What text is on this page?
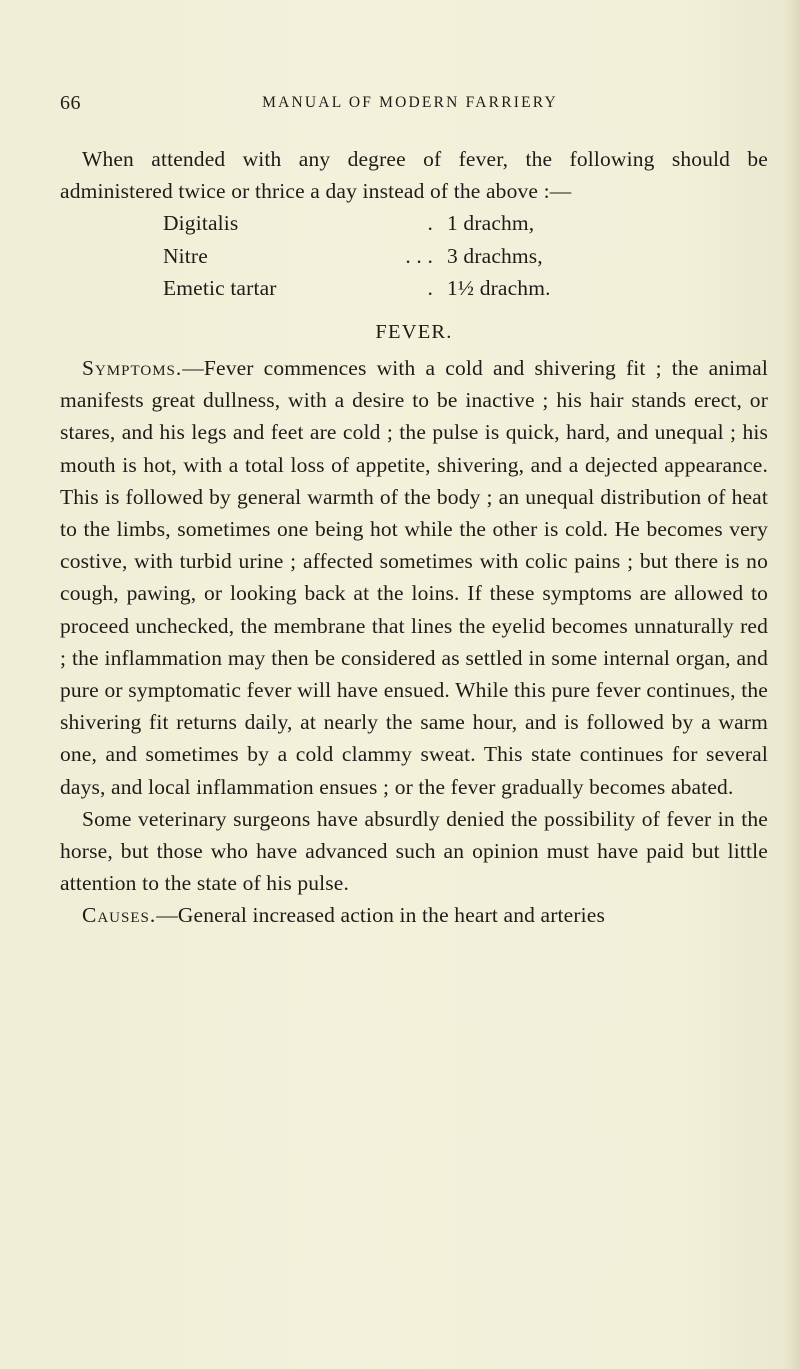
66	MANUAL OF MODERN FARRIERY

When attended with any degree of fever, the following should be administered twice or thrice a day instead of the above :—

Digitalis	.	1 drachm,
Nitre	. . .	3 drachms,
Emetic tartar	.	1½ drachm.
FEVER.

Symptoms.—Fever commences with a cold and shivering fit ; the animal manifests great dullness, with a desire to be inactive ; his hair stands erect, or stares, and his legs and feet are cold ; the pulse is quick, hard, and unequal ; his mouth is hot, with a total loss of appetite, shivering, and a dejected appearance. This is followed by general warmth of the body ; an unequal distribution of heat to the limbs, sometimes one being hot while the other is cold. He becomes very costive, with turbid urine ; affected sometimes with colic pains ; but there is no cough, pawing, or looking back at the loins. If these symptoms are allowed to proceed unchecked, the membrane that lines the eyelid becomes unnaturally red ; the inflammation may then be considered as settled in some internal organ, and pure or symptomatic fever will have ensued. While this pure fever continues, the shivering fit returns daily, at nearly the same hour, and is followed by a warm one, and sometimes by a cold clammy sweat. This state continues for several days, and local inflammation ensues ; or the fever gradually becomes abated.

Some veterinary surgeons have absurdly denied the possibility of fever in the horse, but those who have advanced such an opinion must have paid but little attention to the state of his pulse.

Causes.—General increased action in the heart and arteries
